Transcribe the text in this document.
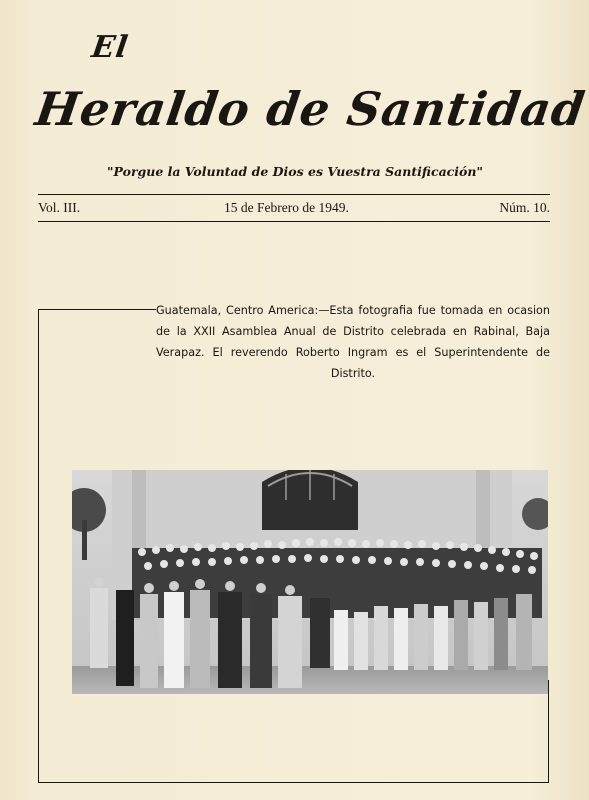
El
Heraldo de Santidad
"Porgue la Voluntad de Dios es Vuestra Santificación"
Vol. III.	15 de Febrero de 1949.	Núm. 10.
Guatemala, Centro America:—Esta fotografia fue tomada en ocasion de la XXII Asamblea Anual de Distrito celebrada en Rabinal, Baja Verapaz. El reverendo Roberto Ingram es el Superintendente de Distrito.
